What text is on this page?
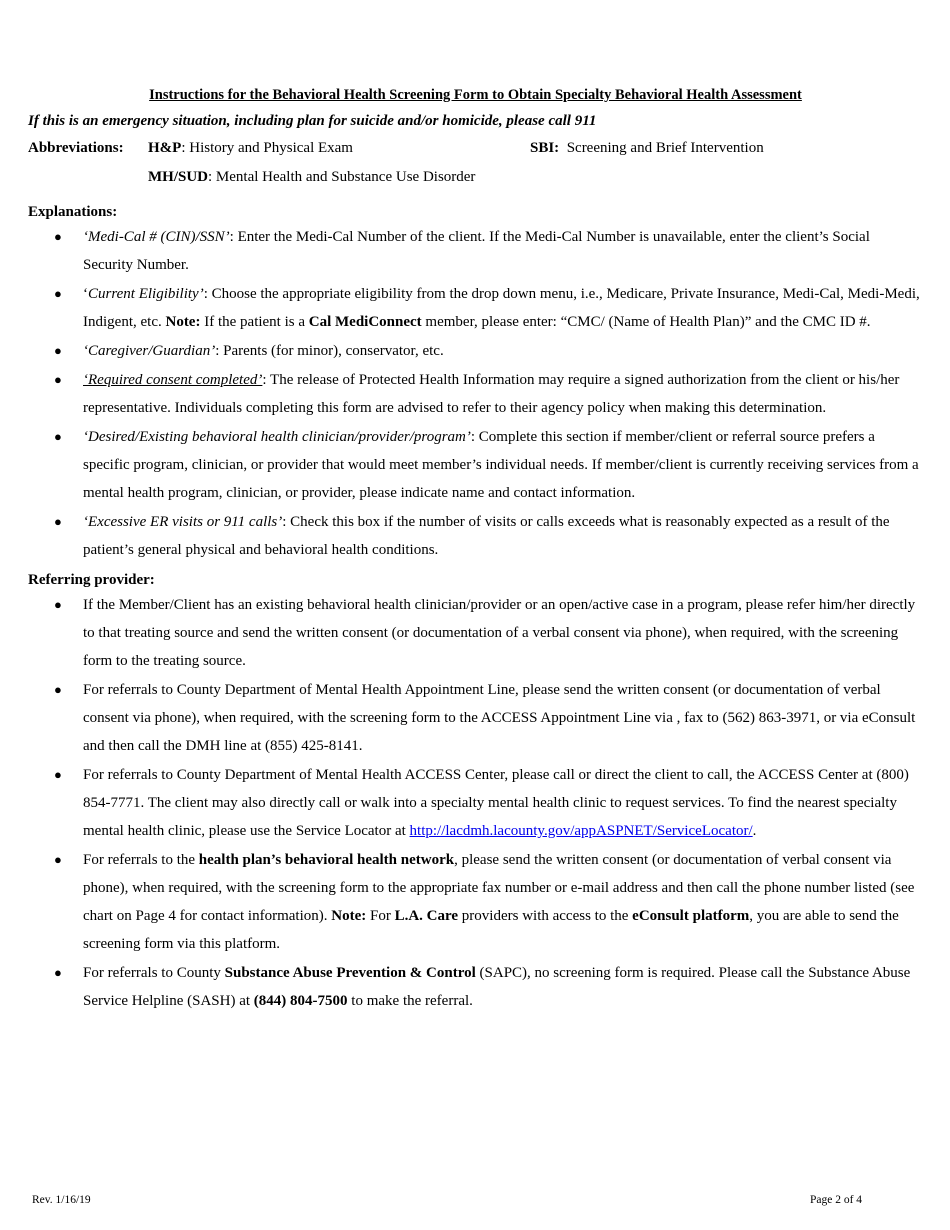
Instructions for the Behavioral Health Screening Form to Obtain Specialty Behavioral Health Assessment
If this is an emergency situation, including plan for suicide and/or homicide, please call 911
Abbreviations: H&P: History and Physical Exam	SBI:  Screening and Brief Intervention
MH/SUD: Mental Health and Substance Use Disorder
Explanations:
● ‘Medi-Cal # (CIN)/SSN’: Enter the Medi-Cal Number of the client. If the Medi-Cal Number is unavailable, enter the client’s Social Security Number.
● ‘Current Eligibility’: Choose the appropriate eligibility from the drop down menu, i.e., Medicare, Private Insurance, Medi-Cal, Medi-Medi, Indigent, etc. Note: If the patient is a Cal MediConnect member, please enter: “CMC/ (Name of Health Plan)” and the CMC ID #.
● ‘Caregiver/Guardian’: Parents (for minor), conservator, etc.
● ‘Required consent completed’: The release of Protected Health Information may require a signed authorization from the client or his/her representative. Individuals completing this form are advised to refer to their agency policy when making this determination.
● ‘Desired/Existing behavioral health clinician/provider/program’: Complete this section if member/client or referral source prefers a specific program, clinician, or provider that would meet member’s individual needs. If member/client is currently receiving services from a mental health program, clinician, or provider, please indicate name and contact information.
● ‘Excessive ER visits or 911 calls’: Check this box if the number of visits or calls exceeds what is reasonably expected as a result of the patient’s general physical and behavioral health conditions.
Referring provider:
● If the Member/Client has an existing behavioral health clinician/provider or an open/active case in a program, please refer him/her directly to that treating source and send the written consent (or documentation of a verbal consent via phone), when required, with the screening form to the treating source.
● For referrals to County Department of Mental Health Appointment Line, please send the written consent (or documentation of verbal consent via phone), when required, with the screening form to the ACCESS Appointment Line via , fax to (562) 863-3971, or via eConsult and then call the DMH line at (855) 425-8141.
● For referrals to County Department of Mental Health ACCESS Center, please call or direct the client to call, the ACCESS Center at (800) 854-7771. The client may also directly call or walk into a specialty mental health clinic to request services. To find the nearest specialty mental health clinic, please use the Service Locator at http://lacdmh.lacounty.gov/appASPNET/ServiceLocator/.
● For referrals to the health plan’s behavioral health network, please send the written consent (or documentation of verbal consent via phone), when required, with the screening form to the appropriate fax number or e-mail address and then call the phone number listed (see chart on Page 4 for contact information). Note: For L.A. Care providers with access to the eConsult platform, you are able to send the screening form via this platform.
● For referrals to County Substance Abuse Prevention & Control (SAPC), no screening form is required. Please call the Substance Abuse Service Helpline (SASH) at (844) 804-7500 to make the referral.
Rev. 1/16/19	Page 2 of 4
